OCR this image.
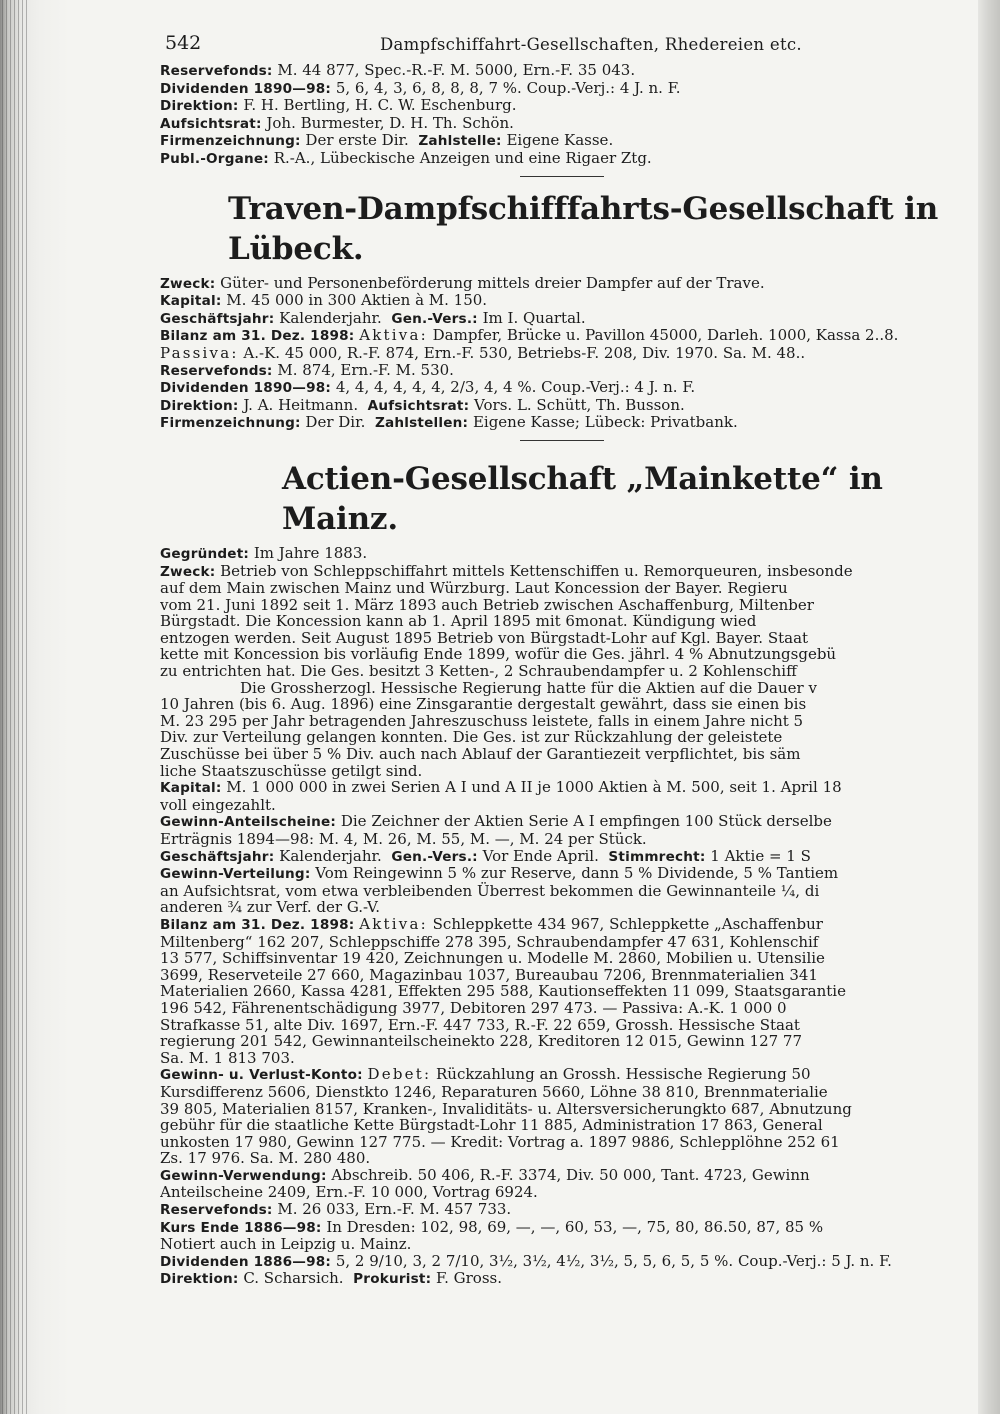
542	Dampfschiffahrt-Gesellschaften, Rhedereien etc.

Reservefonds: M. 44 877, Spec.-R.-F. M. 5000, Ern.-F. 35 043.

Dividenden 1890—98: 5, 6, 4, 3, 6, 8, 8, 8, 7 %. Coup.-Verj.: 4 J. n. F.

Direktion: F. H. Bertling, H. C. W. Eschenburg.

Aufsichtsrat: Joh. Burmester, D. H. Th. Schön.

Firmenzeichnung: Der erste Dir. Zahlstelle: Eigene Kasse.

Publ.-Organe: R.-A., Lübeckische Anzeigen und eine Rigaer Ztg.

Traven-Dampfschifffahrts-Gesellschaft in Lübeck.

Zweck: Güter- und Personenbeförderung mittels dreier Dampfer auf der Trave.

Kapital: M. 45 000 in 300 Aktien à M. 150.

Geschäftsjahr: Kalenderjahr. Gen.-Vers.: Im I. Quartal.

Bilanz am 31. Dez. 1898: Aktiva: Dampfer, Brücke u. Pavillon 45000, Darleh. 1000, Kassa 2..8.
Passiva: A.-K. 45 000, R.-F. 874, Ern.-F. 530, Betriebs-F. 208, Div. 1970. Sa. M. 48..

Reservefonds: M. 874, Ern.-F. M. 530.

Dividenden 1890—98: 4, 4, 4, 4, 4, 4, 2/3, 4, 4 %. Coup.-Verj.: 4 J. n. F.

Direktion: J. A. Heitmann. Aufsichtsrat: Vors. L. Schütt, Th. Busson.

Firmenzeichnung: Der Dir. Zahlstellen: Eigene Kasse; Lübeck: Privatbank.

Actien-Gesellschaft „Mainkette“ in Mainz.

Gegründet: Im Jahre 1883.

Zweck: Betrieb von Schleppschiffahrt mittels Kettenschiffen u. Remorqueuren, insbesonde
auf dem Main zwischen Mainz und Würzburg. Laut Koncession der Bayer. Regieru
vom 21. Juni 1892 seit 1. März 1893 auch Betrieb zwischen Aschaffenburg, Miltenber
Bürgstadt. Die Koncession kann ab 1. April 1895 mit 6monat. Kündigung wied
entzogen werden. Seit August 1895 Betrieb von Bürgstadt-Lohr auf Kgl. Bayer. Staat
kette mit Koncession bis vorläufig Ende 1899, wofür die Ges. jährl. 4 % Abnutzungsgebü
zu entrichten hat. Die Ges. besitzt 3 Ketten-, 2 Schraubendampfer u. 2 Kohlenschiff
Die Grossherzogl. Hessische Regierung hatte für die Aktien auf die Dauer v
10 Jahren (bis 6. Aug. 1896) eine Zinsgarantie dergestalt gewährt, dass sie einen bis
M. 23 295 per Jahr betragenden Jahreszuschuss leistete, falls in einem Jahre nicht 5
Div. zur Verteilung gelangen konnten. Die Ges. ist zur Rückzahlung der geleistete
Zuschüsse bei über 5 % Div. auch nach Ablauf der Garantiezeit verpflichtet, bis säm
liche Staatszuschüsse getilgt sind.

Kapital: M. 1 000 000 in zwei Serien A I und A II je 1000 Aktien à M. 500, seit 1. April 18
voll eingezahlt.

Gewinn-Anteilscheine: Die Zeichner der Aktien Serie A I empfingen 100 Stück derselbe
Erträgnis 1894—98: M. 4, M. 26, M. 55, M. —, M. 24 per Stück.

Geschäftsjahr: Kalenderjahr. Gen.-Vers.: Vor Ende April. Stimmrecht: 1 Aktie = 1 S

Gewinn-Verteilung: Vom Reingewinn 5 % zur Reserve, dann 5 % Dividende, 5 % Tantiem
an Aufsichtsrat, vom etwa verbleibenden Überrest bekommen die Gewinnanteile ¼, di
anderen ¾ zur Verf. der G.-V.

Bilanz am 31. Dez. 1898: Aktiva: Schleppkette 434 967, Schleppkette „Aschaffenbur
Miltenberg“ 162 207, Schleppschiffe 278 395, Schraubendampfer 47 631, Kohlenschif
13 577, Schiffsinventar 19 420, Zeichnungen u. Modelle M. 2860, Mobilien u. Utensilie
3699, Reserveteile 27 660, Magazinbau 1037, Bureaubau 7206, Brennmaterialien 341
Materialien 2660, Kassa 4281, Effekten 295 588, Kautionseffekten 11 099, Staatsgarantie
196 542, Fährenentschädigung 3977, Debitoren 297 473. — Passiva: A.-K. 1 000 0
Strafkasse 51, alte Div. 1697, Ern.-F. 447 733, R.-F. 22 659, Grossh. Hessische Staat
regierung 201 542, Gewinnanteilscheinekto 228, Kreditoren 12 015, Gewinn 127 77
Sa. M. 1 813 703.

Gewinn- u. Verlust-Konto: Debet: Rückzahlung an Grossh. Hessische Regierung 50
Kursdifferenz 5606, Dienstkto 1246, Reparaturen 5660, Löhne 38 810, Brennmaterialie
39 805, Materialien 8157, Kranken-, Invaliditäts- u. Altersversicherungkto 687, Abnutzung
gebühr für die staatliche Kette Bürgstadt-Lohr 11 885, Administration 17 863, General
unkosten 17 980, Gewinn 127 775. — Kredit: Vortrag a. 1897 9886, Schlepplöhne 252 61
Zs. 17 976. Sa. M. 280 480.

Gewinn-Verwendung: Abschreib. 50 406, R.-F. 3374, Div. 50 000, Tant. 4723, Gewinn
Anteilscheine 2409, Ern.-F. 10 000, Vortrag 6924.

Reservefonds: M. 26 033, Ern.-F. M. 457 733.

Kurs Ende 1886—98: In Dresden: 102, 98, 69, —, —, 60, 53, —, 75, 80, 86.50, 87, 85 %
Notiert auch in Leipzig u. Mainz.

Dividenden 1886—98: 5, 2 9/10, 3, 2 7/10, 3½, 3½, 4½, 3½, 5, 5, 6, 5, 5 %. Coup.-Verj.: 5 J. n. F.

Direktion: C. Scharsich. Prokurist: F. Gross.
